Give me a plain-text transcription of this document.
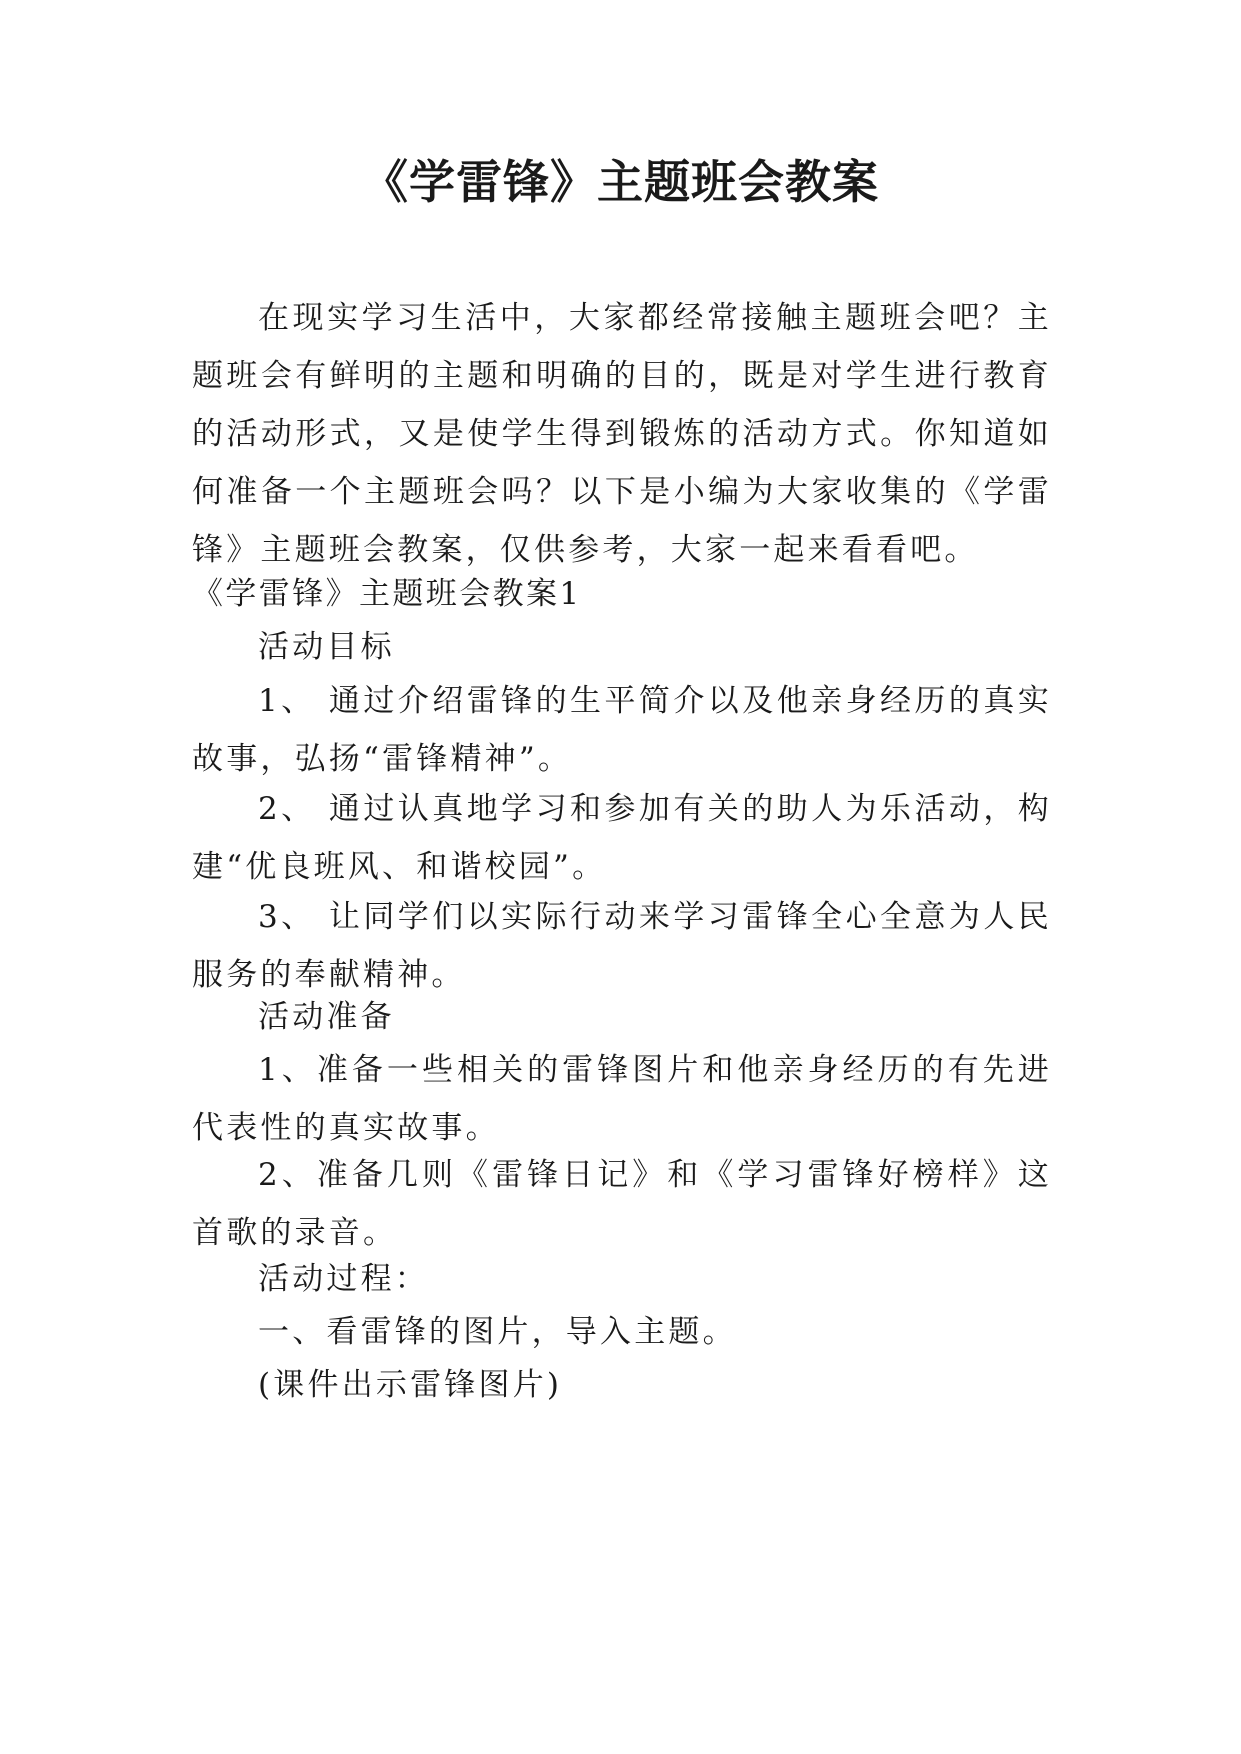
《学雷锋》主题班会教案

在现实学习生活中，大家都经常接触主题班会吧？主题班会有鲜明的主题和明确的目的，既是对学生进行教育的活动形式，又是使学生得到锻炼的活动方式。你知道如何准备一个主题班会吗？以下是小编为大家收集的《学雷锋》主题班会教案，仅供参考，大家一起来看看吧。

《学雷锋》主题班会教案1

活动目标

1、 通过介绍雷锋的生平简介以及他亲身经历的真实故事，弘扬“雷锋精神”。

2、 通过认真地学习和参加有关的助人为乐活动，构建“优良班风、和谐校园”。

3、 让同学们以实际行动来学习雷锋全心全意为人民服务的奉献精神。

活动准备

1、准备一些相关的雷锋图片和他亲身经历的有先进代表性的真实故事。

2、准备几则《雷锋日记》和《学习雷锋好榜样》这首歌的录音。

活动过程：

一、看雷锋的图片，导入主题。

(课件出示雷锋图片)
